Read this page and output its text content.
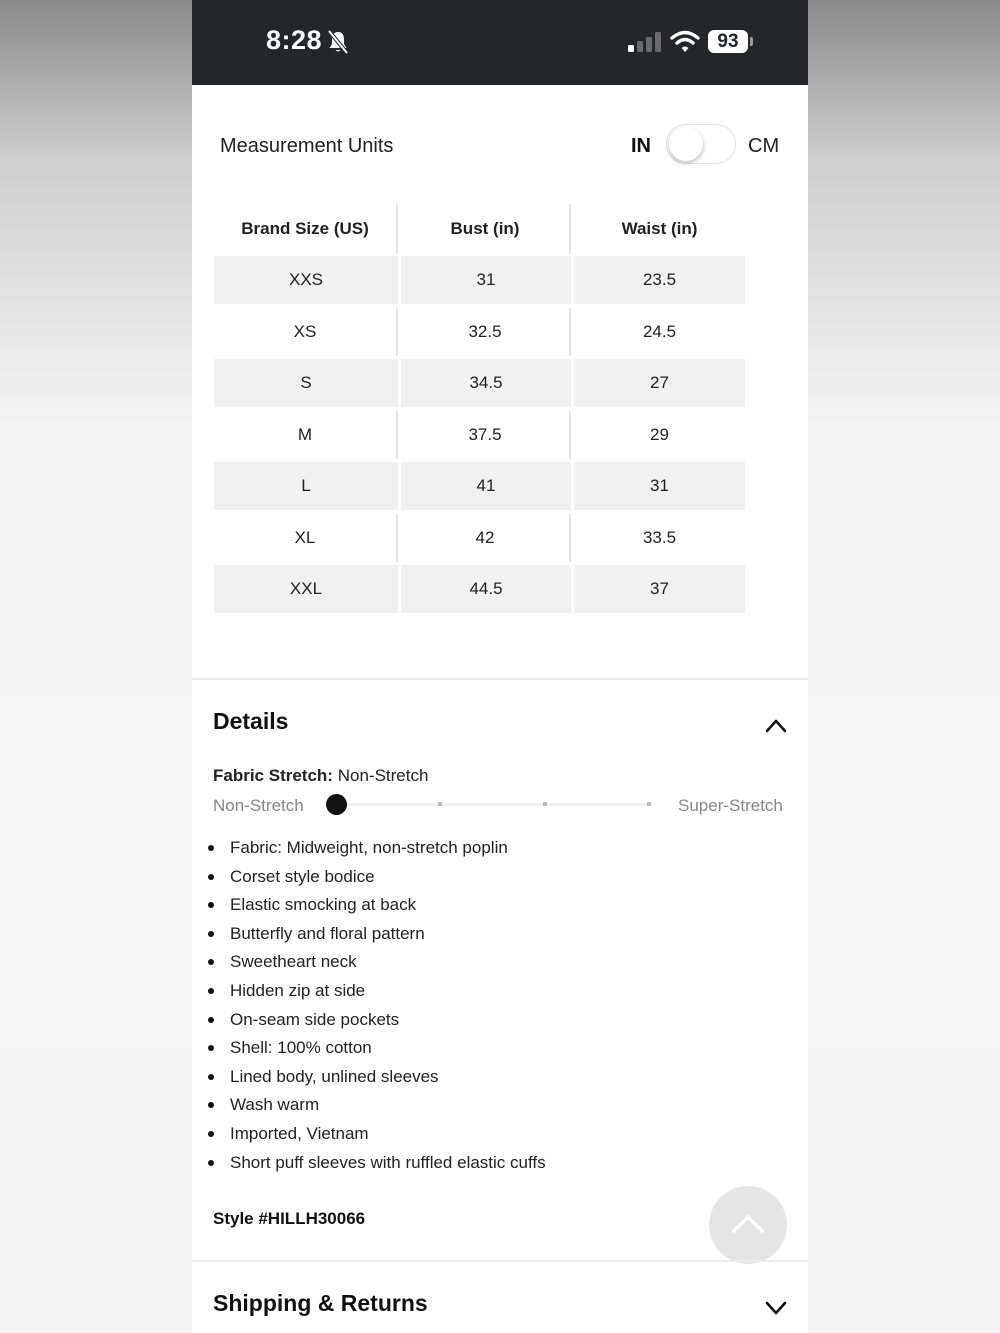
8:28	93
Measurement Units	IN	CM
Brand Size (US)	Bust (in)	Waist (in)
XXS	31	23.5
XS	32.5	24.5
S	34.5	27
M	37.5	29
L	41	31
XL	42	33.5
XXL	44.5	37
Details
Fabric Stretch: Non-Stretch
Non-Stretch	Super-Stretch
Fabric: Midweight, non-stretch poplin
Corset style bodice
Elastic smocking at back
Butterfly and floral pattern
Sweetheart neck
Hidden zip at side
On-seam side pockets
Shell: 100% cotton
Lined body, unlined sleeves
Wash warm
Imported, Vietnam
Short puff sleeves with ruffled elastic cuffs
Style #HILLH30066
Shipping & Returns
